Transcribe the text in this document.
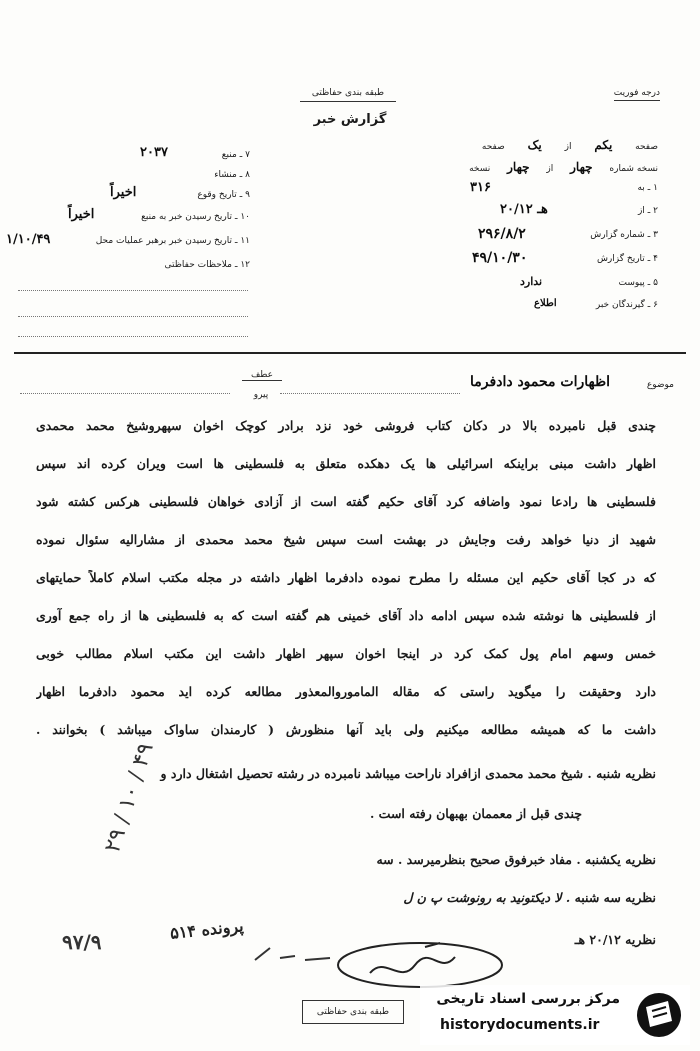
درجه فوريت
طبقه بندی حفاظتی
گزارش خبر
صفحه یکم از یک صفحه
نسخه شماره چهار از چهار نسخه
۱ ـ به
۳۱۶
۲ ـ از
۲۰/۱۲ هـ
۳ ـ شماره گزارش
۲۹۶/۸/۲
۴ ـ تاريخ گزارش
۴۹/۱۰/۳۰
۵ ـ پيوست
ندارد
۶ ـ گيرندگان خبر
اطلاع
۷ ـ منبع
۲۰۳۷
۸ ـ منشاء
۹ ـ تاريخ وقوع
اخيراً
۱۰ ـ تاريخ رسيدن خبر به منبع
اخيراً
۱۱ ـ تاريخ رسيدن خبر برهبر عمليات محل
۱/۱۰/۴۹
۱۲ ـ ملاحظات حفاظتی
موضوع
اظهارات محمود دادفرما
عطف
پيرو
چندی قبل نامبرده بالا در دکان کتاب فروشی خود نزد برادر کوچک اخوان سپهروشیخ محمد محمدی
اظهار داشت مبنی براینکه اسرائیلی ها یک دهکده متعلق به فلسطینی ها است ویران کرده اند سپس
فلسطینی ها رادعا نمود واضافه کرد آقای حکیم گفته است از آزادی خواهان فلسطینی هرکس کشته شود
شهید از دنیا خواهد رفت وجایش در بهشت است سپس شیخ محمد محمدی از مشارالیه سئوال نموده
که در کجا آقای حکیم این مسئله را مطرح نموده دادفرما اظهار داشته در مجله مکتب اسلام کاملاً حمایتهای
از فلسطینی ها نوشته شده سپس ادامه داد آقای خمینی هم گفته است که به فلسطینی ها از راه جمع آوری
خمس وسهم امام پول کمک کرد در اینجا اخوان سپهر اظهار داشت این مکتب اسلام مطالب خوبی
دارد وحقیقت را میگوید راستی که مقاله الماموروالمعذور مطالعه کرده اید محمود دادفرما اظهار
داشت ما که همیشه مطالعه میکنیم ولی باید آنها منظورش ( کارمندان ساواک میباشد ) بخوانند .
نظریه شنبه . شیخ محمد محمدی ازافراد ناراحت میباشد نامبرده در رشته تحصیل اشتغال دارد و
چندی قبل از معممان بهبهان رفته است .
نظریه یکشنبه . مفاد خبرفوق صحیح بنظرمیرسد . سه
نظریه سه شنبه . لا دیکتونید به رونوشت پ ن ل
نظریه ۲۰/۱۲ هـ
۲۹ / ۱۰ / ۴۹
۵۱۴ پرونده
۹۷/۹
طبقه بندی حفاظتی
مرکز بررسی اسناد تاریخی
historydocuments.ir
